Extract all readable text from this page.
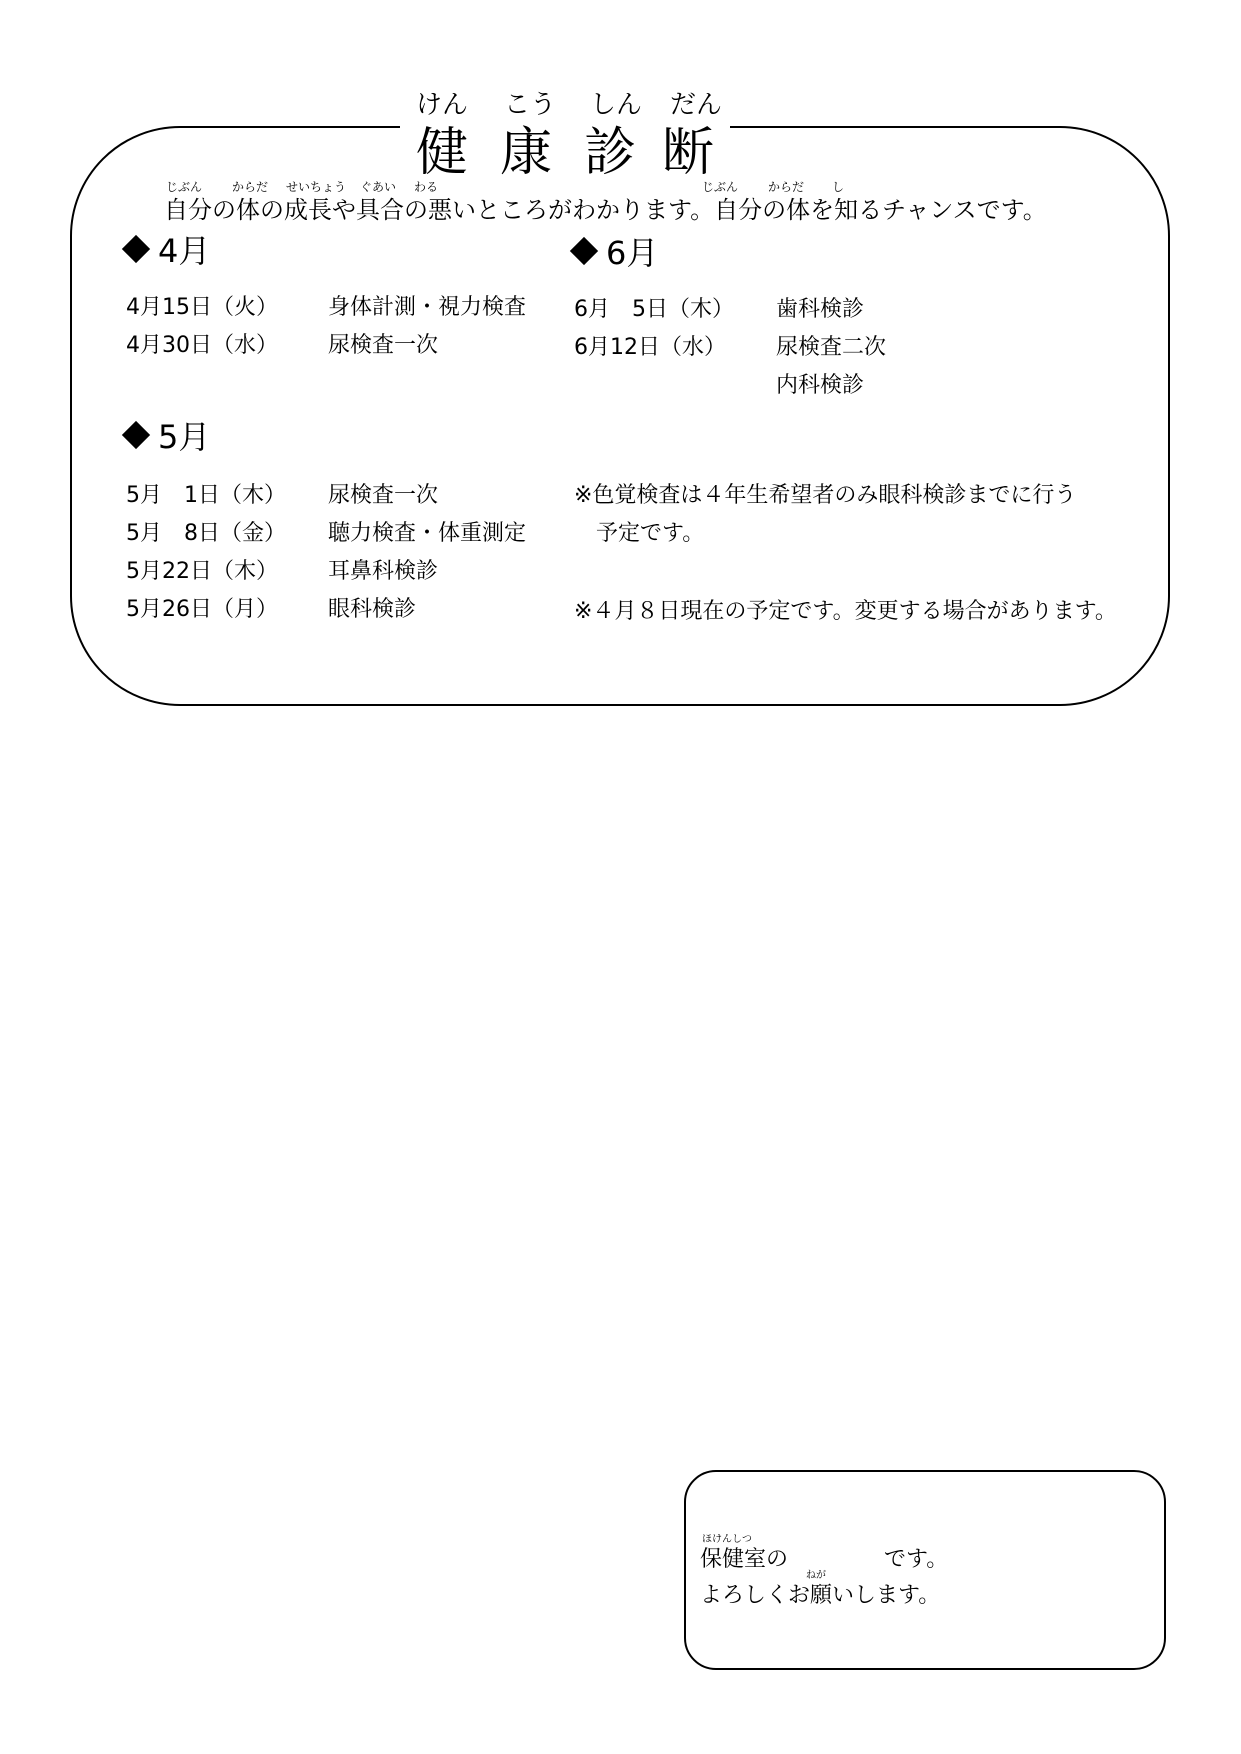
けん こう しん だん
健 康 診 断
じぶん からだ せいちょう ぐあい わる	じぶん からだ し
自分の体の成長や具合の悪いところがわかります。自分の体を知るチャンスです。
4月
4月15日（火） 身体計測・視力検査
4月30日（水） 尿検査一次
6月
6月　5日（木） 歯科検診
6月12日（水） 尿検査二次
内科検診
5月
5月　1日（木） 尿検査一次
5月　8日（金） 聴力検査・体重測定
5月22日（木） 耳鼻科検診
5月26日（月） 眼科検診
※色覚検査は４年生希望者のみ眼科検診までに行う
予定です。
※４月８日現在の予定です。変更する場合があります。
ほけんしつ
保健室の	です。
ねが
よろしくお願いします。
